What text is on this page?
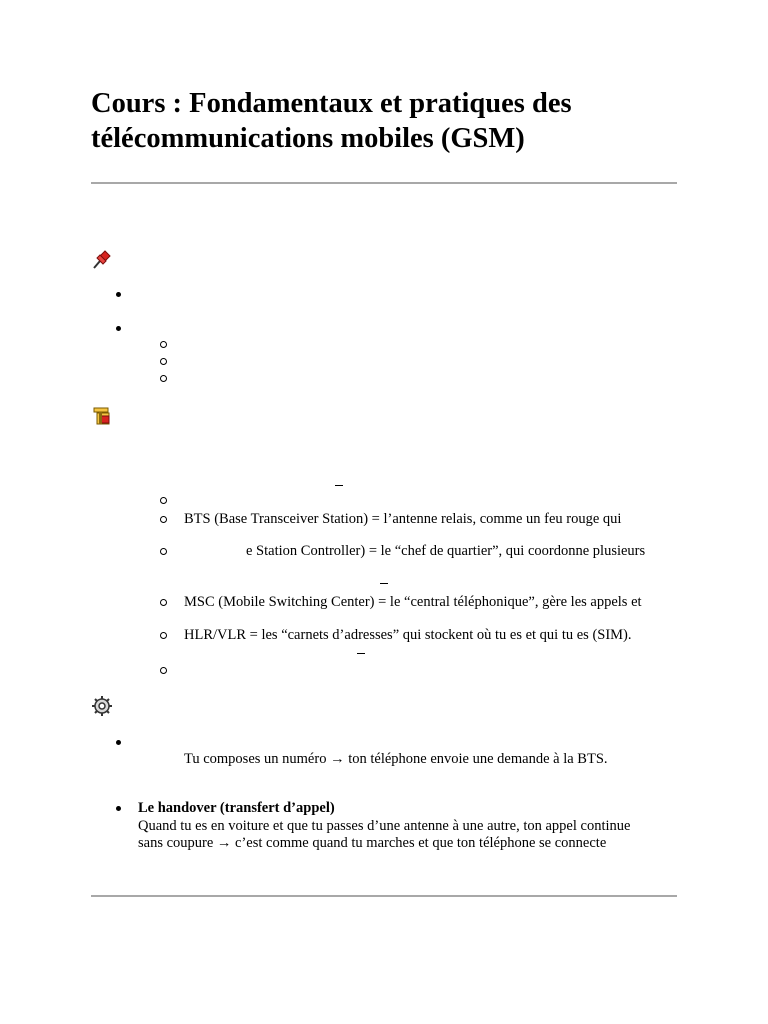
Cours : Fondamentaux et pratiques des
télécommunications mobiles (GSM)
BTS (Base Transceiver Station) = l’antenne relais, comme un feu rouge qui
e Station Controller) = le “chef de quartier”, qui coordonne plusieurs
MSC (Mobile Switching Center) = le “central téléphonique”, gère les appels et
HLR/VLR = les “carnets d’adresses” qui stockent où tu es et qui tu es (SIM).
Tu composes un numéro → ton téléphone envoie une demande à la BTS.
Le handover (transfert d’appel)
Quand tu es en voiture et que tu passes d’une antenne à une autre, ton appel continue
sans coupure → c’est comme quand tu marches et que ton téléphone se connecte
